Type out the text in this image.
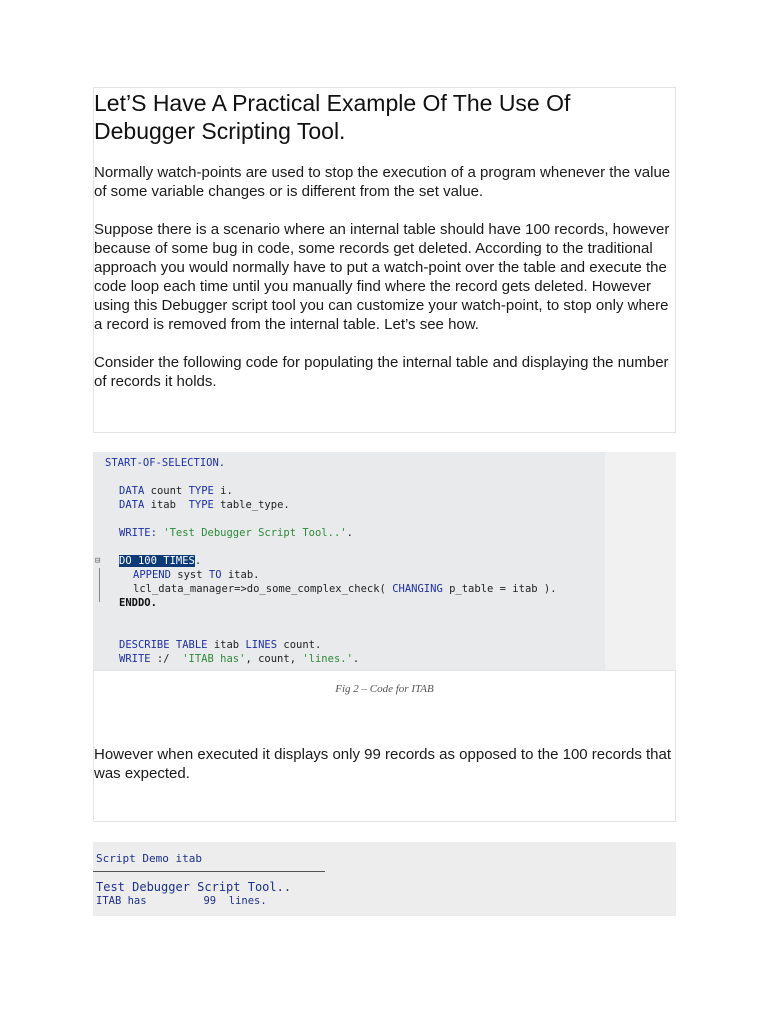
Let’S Have A Practical Example Of The Use Of Debugger Scripting Tool.

Normally watch-points are used to stop the execution of a program whenever the value of some variable changes or is different from the set value.

Suppose there is a scenario where an internal table should have 100 records, however because of some bug in code, some records get deleted. According to the traditional approach you would normally have to put a watch-point over the table and execute the code loop each time until you manually find where the record gets deleted. However using this Debugger script tool you can customize your watch-point, to stop only where a record is removed from the internal table. Let’s see how.

Consider the following code for populating the internal table and displaying the number of records it holds.

START-OF-SELECTION.
DATA count TYPE i.
DATA itab  TYPE table_type.
WRITE: 'Test Debugger Script Tool..'.
⊟ DO 100 TIMES.
APPEND syst TO itab.
lcl_data_manager=>do_some_complex_check( CHANGING p_table = itab ).
ENDDO.
DESCRIBE TABLE itab LINES count.
WRITE :/  'ITAB has', count, 'lines.'.
Fig 2 – Code for ITAB

However when executed it displays only 99 records as opposed to the 100 records that was expected.

Script Demo itab
Test Debugger Script Tool..
ITAB has         99  lines.
